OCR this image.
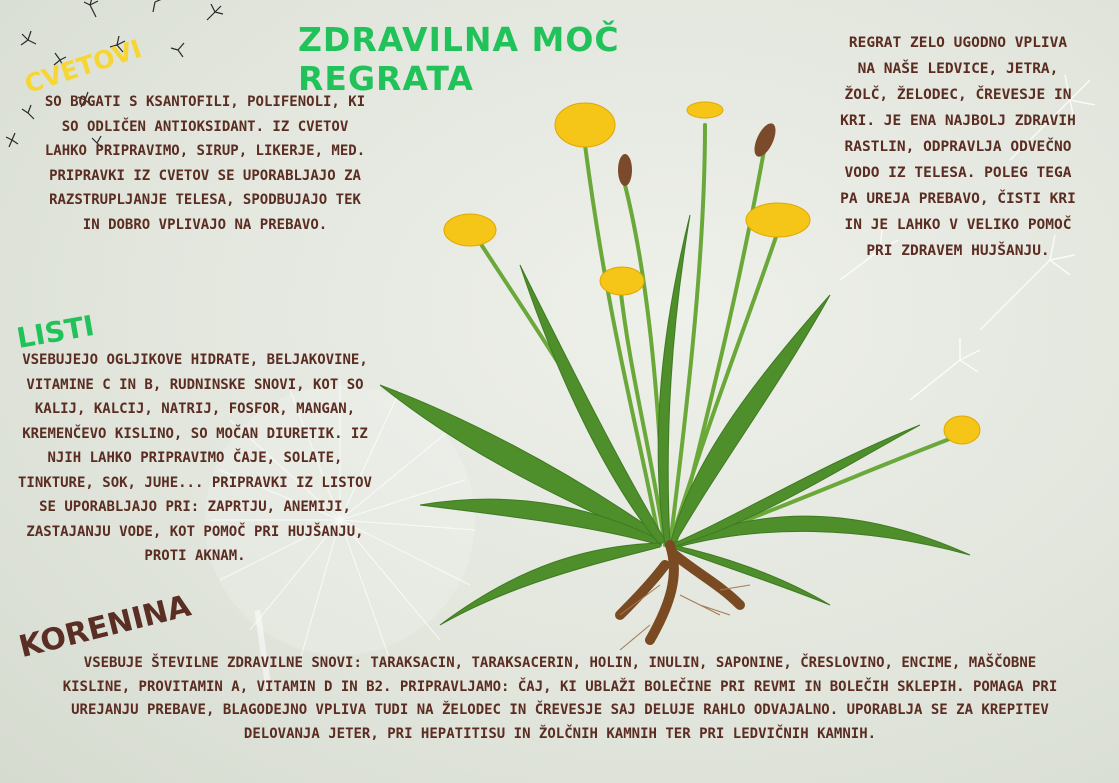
ZDRAVILNA MOČ REGRATA
CVETOVI
SO BOGATI S KSANTOFILI, POLIFENOLI, KI SO ODLIČEN ANTIOKSIDANT. IZ CVETOV LAHKO PRIPRAVIMO, SIRUP, LIKERJE, MED. PRIPRAVKI IZ CVETOV SE UPORABLJAJO ZA RAZSTRUPLJANJE TELESA, SPODBUJAJO TEK IN DOBRO VPLIVAJO NA PREBAVO.
LISTI
VSEBUJEJO OGLJIKOVE HIDRATE, BELJAKOVINE, VITAMINE C IN B, RUDNINSKE SNOVI, KOT SO KALIJ, KALCIJ, NATRIJ, FOSFOR, MANGAN, KREMENČEVO KISLINO, SO MOČAN DIURETIK. IZ NJIH LAHKO PRIPRAVIMO ČAJE, SOLATE, TINKTURE, SOK, JUHE... PRIPRAVKI IZ LISTOV SE UPORABLJAJO PRI: ZAPRTJU, ANEMIJI, ZASTAJANJU VODE, KOT POMOČ PRI HUJŠANJU, PROTI AKNAM.
REGRAT ZELO UGODNO VPLIVA NA NAŠE LEDVICE, JETRA, ŽOLČ, ŽELODEC, ČREVESJE IN KRI. JE ENA NAJBOLJ ZDRAVIH RASTLIN, ODPRAVLJA ODVEČNO VODO IZ TELESA. POLEG TEGA PA UREJA PREBAVO, ČISTI KRI IN JE LAHKO V VELIKO POMOČ PRI ZDRAVEM HUJŠANJU.
KORENINA
VSEBUJE ŠTEVILNE ZDRAVILNE SNOVI: TARAKSACIN, TARAKSACERIN, HOLIN, INULIN, SAPONINE, ČRESLOVINO, ENCIME, MAŠČOBNE KISLINE, PROVITAMIN A, VITAMIN D IN B2. PRIPRAVLJAMO: ČAJ, KI UBLAŽI BOLEČINE PRI REVMI IN BOLEČIH SKLEPIH. POMAGA PRI UREJANJU PREBAVE, BLAGODEJNO VPLIVA TUDI NA ŽELODEC IN ČREVESJE SAJ DELUJE RAHLO ODVAJALNO. UPORABLJA SE ZA KREPITEV DELOVANJA JETER, PRI HEPATITISU IN ŽOLČNIH KAMNIH TER PRI LEDVIČNIH KAMNIH.
